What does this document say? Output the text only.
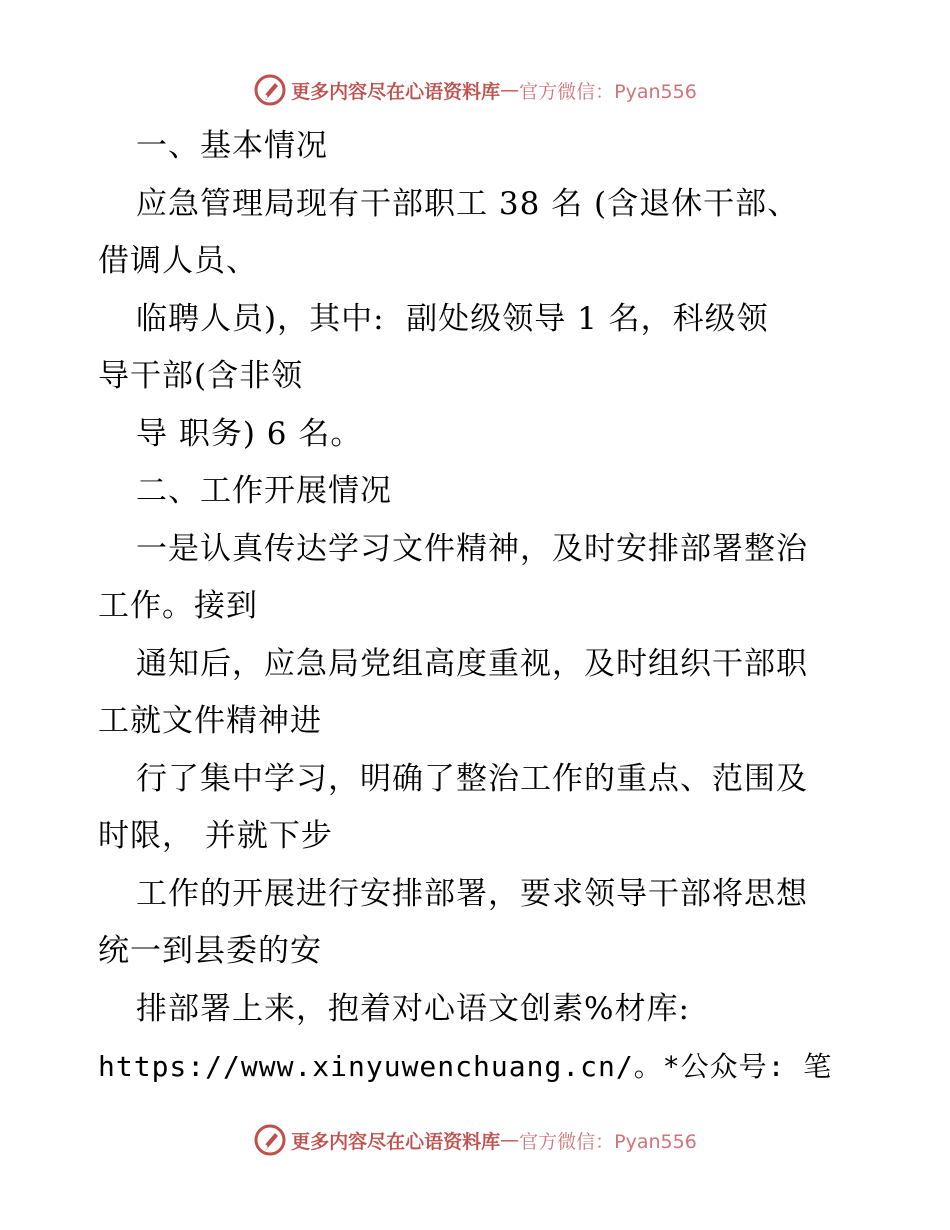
更多内容尽在心语资料库 — 官方微信：Pyan556
一、基本情况
应急管理局现有干部职工 38 名 (含退休干部、
借调人员、
临聘人员)，其中:  副处级领导 1 名，科级领
导干部(含非领
导 职务) 6 名。
二、工作开展情况
一是认真传达学习文件精神，及时安排部署整治
工作。接到
通知后，应急局党组高度重视，及时组织干部职
工就文件精神进
行了集中学习，明确了整治工作的重点、范围及
时限， 并就下步
工作的开展进行安排部署，要求领导干部将思想
统一到县委的安
排部署上来，抱着对心语文创素%材库:
https://www.xinyuwenchuang.cn/。*公众号: 笔
更多内容尽在心语资料库 — 官方微信：Pyan556
